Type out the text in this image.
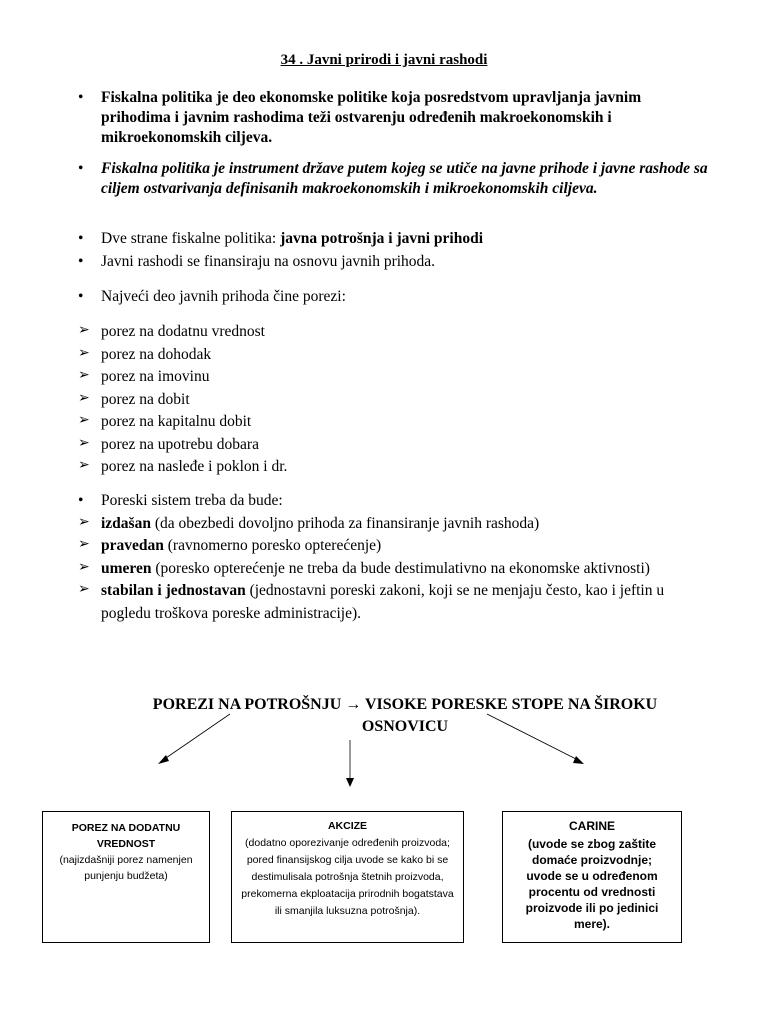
34 . Javni prirodi i javni rashodi
•	Fiskalna politika je deo ekonomske politike koja posredstvom upravljanja javnim prihodima i javnim rashodima teži ostvarenju određenih makroekonomskih i mikroekonomskih ciljeva.
•	Fiskalna politika je instrument države putem kojeg se utiče na javne prihode i javne rashode sa ciljem ostvarivanja definisanih makroekonomskih i mikroekonomskih ciljeva.
•	Dve strane fiskalne politika: javna potrošnja i javni prihodi
•	Javni rashodi se finansiraju na osnovu javnih prihoda.
•	Najveći deo javnih prihoda čine porezi:
➢ porez na dodatnu vrednost
➢ porez na dohodak
➢ porez na imovinu
➢ porez na dobit
➢ porez na kapitalnu dobit
➢ porez na upotrebu dobara
➢ porez na nasleđe i poklon i dr.
•	Poreski sistem treba da bude:
➢ izdašan (da obezbedi dovoljno prihoda za finansiranje javnih rashoda)
➢ pravedan (ravnomerno poresko opterećenje)
➢ umeren (poresko opterećenje ne treba da bude destimulativno na ekonomske aktivnosti)
➢ stabilan i jednostavan (jednostavni poreski zakoni, koji se ne menjaju često, kao i jeftin u pogledu troškova poreske administracije).
POREZI NA POTROŠNJU → VISOKE PORESKE STOPE NA ŠIROKU
OSNOVICU
POREZ NA DODATNU VREDNOST
(najizdašniji porez namenjen punjenju budžeta)
AKCIZE
(dodatno oporezivanje određenih proizvoda; pored finansijskog cilja uvode se kako bi se destimulisala potrošnja štetnih proizvoda, prekomerna ekploatacija prirodnih bogatstava ili smanjila luksuzna potrošnja).
CARINE
(uvode se zbog zaštite domaće proizvodnje; uvode se u određenom procentu od vrednosti proizvode ili po jedinici mere).
